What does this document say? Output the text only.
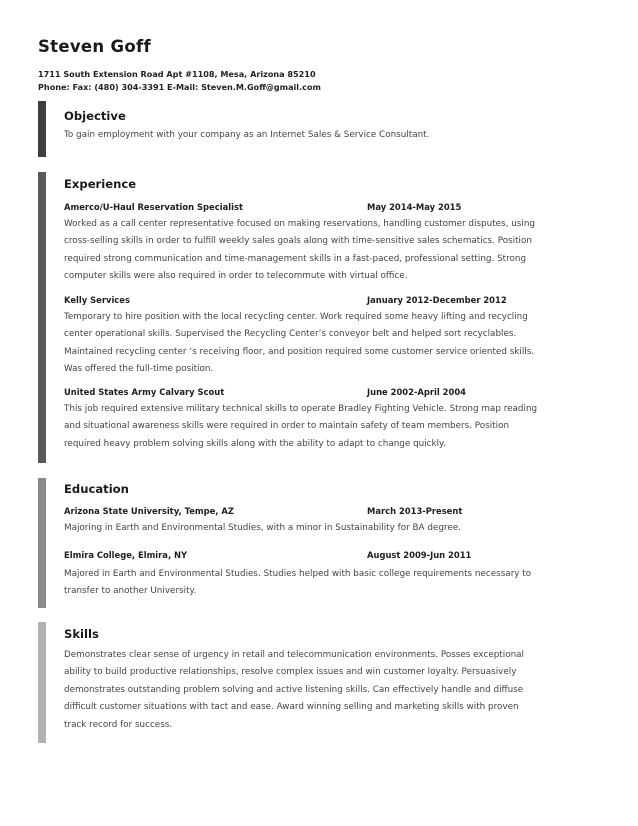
Steven Goff
1711 South Extension Road Apt #1108, Mesa, Arizona 85210
Phone: Fax: (480) 304-3391 E-Mail: Steven.M.Goff@gmail.com
Objective
To gain employment with your company as an Internet Sales & Service Consultant.
Experience
Amerco/U-Haul Reservation Specialist	May 2014-May 2015
Worked as a call center representative focused on making reservations, handling customer disputes, using
cross-selling skills in order to fulfill weekly sales goals along with time-sensitive sales schematics. Position
required strong communication and time-management skills in a fast-paced, professional setting. Strong
computer skills were also required in order to telecommute with virtual office.
Kelly Services	January 2012-December 2012
Temporary to hire position with the local recycling center. Work required some heavy lifting and recycling
center operational skills. Supervised the Recycling Center’s conveyor belt and helped sort recyclables.
Maintained recycling center ‘s receiving floor, and position required some customer service oriented skills.
Was offered the full-time position.
United States Army Calvary Scout	June 2002-April 2004
This job required extensive military technical skills to operate Bradley Fighting Vehicle. Strong map reading
and situational awareness skills were required in order to maintain safety of team members. Position
required heavy problem solving skills along with the ability to adapt to change quickly.
Education
Arizona State University, Tempe, AZ	March 2013-Present
Majoring in Earth and Environmental Studies, with a minor in Sustainability for BA degree.
Elmira College, Elmira, NY	August 2009-Jun 2011
Majored in Earth and Environmental Studies. Studies helped with basic college requirements necessary to
transfer to another University.
Skills
Demonstrates clear sense of urgency in retail and telecommunication environments. Posses exceptional
ability to build productive relationships, resolve complex issues and win customer loyalty. Persuasively
demonstrates outstanding problem solving and active listening skills. Can effectively handle and diffuse
difficult customer situations with tact and ease. Award winning selling and marketing skills with proven
track record for success.
